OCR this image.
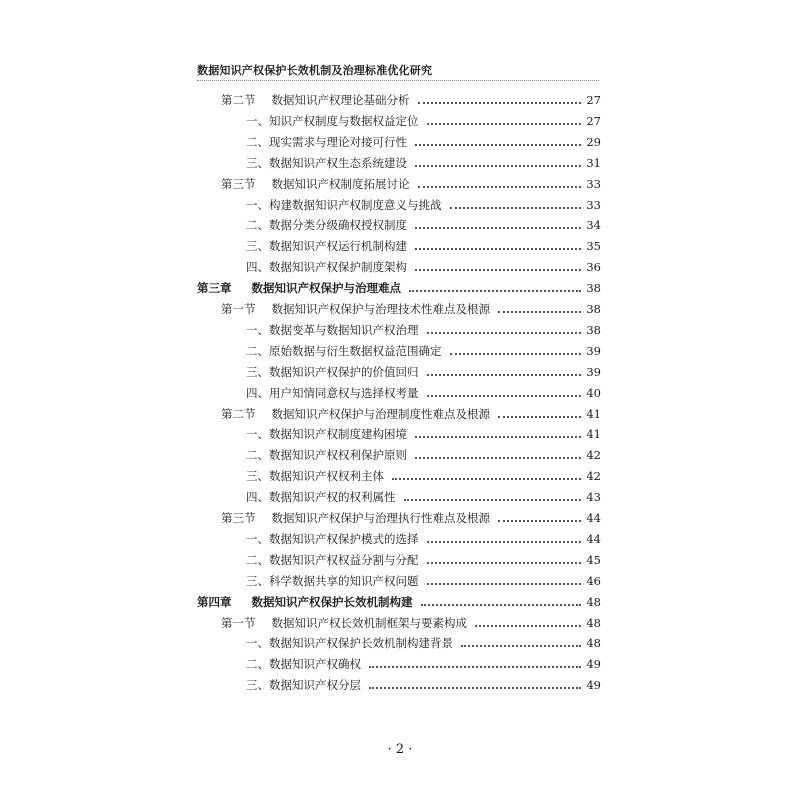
数据知识产权保护长效机制及治理标准优化研究
第二节 数据知识产权理论基础分析	27
一、知识产权制度与数据权益定位	27
二、现实需求与理论对接可行性	29
三、数据知识产权生态系统建设	31
第三节 数据知识产权制度拓展讨论	33
一、构建数据知识产权制度意义与挑战	33
二、数据分类分级确权授权制度	34
三、数据知识产权运行机制构建	35
四、数据知识产权保护制度架构	36
第三章 数据知识产权保护与治理难点	38
第一节 数据知识产权保护与治理技术性难点及根源	38
一、数据变革与数据知识产权治理	38
二、原始数据与衍生数据权益范围确定	39
三、数据知识产权保护的价值回归	39
四、用户知情同意权与选择权考量	40
第二节 数据知识产权保护与治理制度性难点及根源	41
一、数据知识产权制度建构困境	41
二、数据知识产权权利保护原则	42
三、数据知识产权权利主体	42
四、数据知识产权的权利属性	43
第三节 数据知识产权保护与治理执行性难点及根源	44
一、数据知识产权保护模式的选择	44
二、数据知识产权权益分割与分配	45
三、科学数据共享的知识产权问题	46
第四章 数据知识产权保护长效机制构建	48
第一节 数据知识产权长效机制框架与要素构成	48
一、数据知识产权保护长效机制构建背景	48
二、数据知识产权确权	49
三、数据知识产权分层	49
· 2 ·
